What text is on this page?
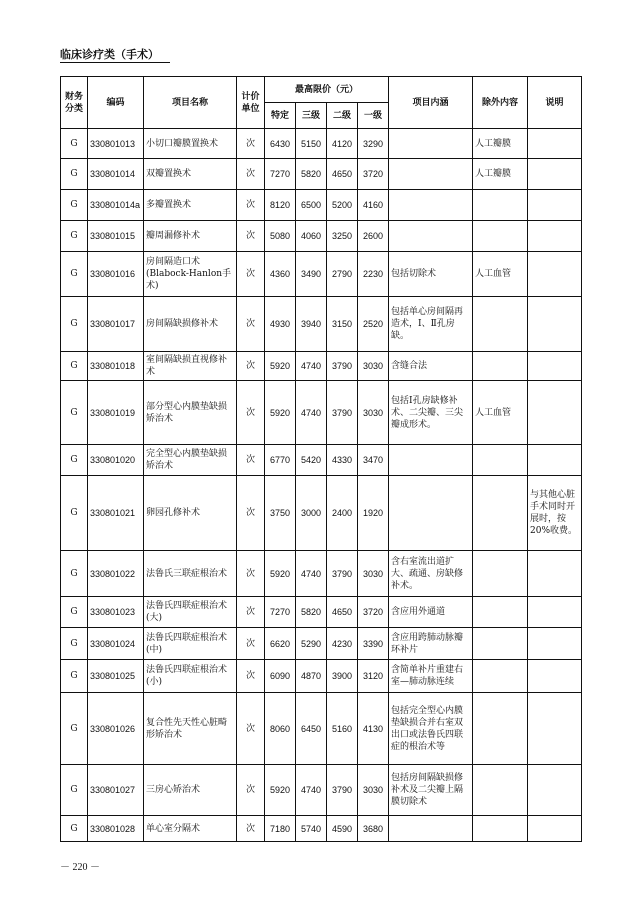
临床诊疗类（手术）
财务分类	编码	项目名称	计价单位	最高限价（元）				项目内涵	除外内容	说明
				特定	三级	二级	一级			
G	330801013	小切口瓣膜置换术	次	6430	5150	4120	3290		人工瓣膜	
G	330801014	双瓣置换术	次	7270	5820	4650	3720		人工瓣膜	
G	330801014a	多瓣置换术	次	8120	6500	5200	4160			
G	330801015	瓣周漏修补术	次	5080	4060	3250	2600			
G	330801016	房间隔造口术(Blabock-Hanlon手术)	次	4360	3490	2790	2230	包括切除术	人工血管	
G	330801017	房间隔缺损修补术	次	4930	3940	3150	2520	包括单心房间隔再造术，Ⅰ、Ⅱ孔房缺。		
G	330801018	室间隔缺损直视修补术	次	5920	4740	3790	3030	含缝合法		
G	330801019	部分型心内膜垫缺损矫治术	次	5920	4740	3790	3030	包括Ⅰ孔房缺修补术、二尖瓣、三尖瓣成形术。	人工血管	
G	330801020	完全型心内膜垫缺损矫治术	次	6770	5420	4330	3470			
G	330801021	卵园孔修补术	次	3750	3000	2400	1920			与其他心脏手术同时开展时，按20%收费。
G	330801022	法鲁氏三联症根治术	次	5920	4740	3790	3030	含右室流出道扩大、疏通、房缺修补术。		
G	330801023	法鲁氏四联症根治术(大)	次	7270	5820	4650	3720	含应用外通道		
G	330801024	法鲁氏四联症根治术(中)	次	6620	5290	4230	3390	含应用跨肺动脉瓣环补片		
G	330801025	法鲁氏四联症根治术(小)	次	6090	4870	3900	3120	含简单补片重建右室—肺动脉连续		
G	330801026	复合性先天性心脏畸形矫治术	次	8060	6450	5160	4130	包括完全型心内膜垫缺损合并右室双出口或法鲁氏四联症的根治术等		
G	330801027	三房心矫治术	次	5920	4740	3790	3030	包括房间隔缺损修补术及二尖瓣上隔膜切除术		
G	330801028	单心室分隔术	次	7180	5740	4590	3680			
－ 220 －
